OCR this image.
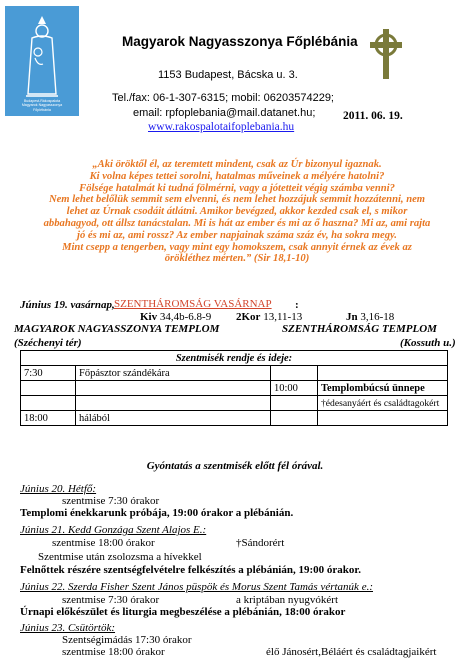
Budapest-Rákospalota
Magyarok Nagyasszonya
Főplébánia
Magyarok Nagyasszonya Főplébánia
1153 Budapest, Bácska u. 3.
Tel./fax: 06-1-307-6315; mobil: 06203574229;
email: rpfoplebania@mail.datanet.hu;
www.rakospalotaifoplebania.hu
2011. 06. 19.
„Aki öröktől él, az teremtett mindent, csak az Úr bizonyul igaznak.
Ki volna képes tettei sorolni, hatalmas műveinek a mélyére hatolni?
Fölsége hatalmát ki tudná fölmérni, vagy a jótetteit végig számba venni?
Nem lehet belőlük semmit sem elvenni, és nem lehet hozzájuk semmit hozzátenni, nem
lehet az Úrnak csodáit átlátni. Amikor bevégzed, akkor kezded csak el, s mikor
abbahagyod, ott állsz tanácstalan. Mi is hát az ember és mi az ő haszna? Mi az, ami rajta
jó és mi az, ami rossz? Az ember napjainak száma száz év, ha sokra megy.
Mint csepp a tengerben, vagy mint egy homokszem, csak annyit érnek az évek az
örökléthez mérten.” (Sir 18,1-10)
Június 19. vasárnap, SZENTHÁROMSÁG VASÁRNAP :
Kiv 34,4b-6.8-9 2Kor 13,11-13	Jn 3,16-18
MAGYAROK NAGYASSZONYA TEMPLOM	SZENTHÁROMSÁG TEMPLOM
(Széchenyi tér)	(Kossuth u.)
Szentmisék rendje és ideje:			
7:30	Főpásztor szándékára		
		10:00	Templombúcsú ünnepe
			†édesanyáért és családtagokért
18:00	hálából		
Gyóntatás a szentmisék előtt fél órával.
Június 20. Hétfő:
szentmise 7:30 órakor
Templomi énekkarunk próbája, 19:00 órakor a plébánián.
Június 21. Kedd Gonzága Szent Alajos E.:
szentmise 18:00 órakor	†Sándorért
Szentmise után zsolozsma a hívekkel
Felnőttek részére szentségfelvételre felkészítés a plébánián, 19:00 órakor.
Június 22. Szerda Fisher Szent János püspök és Morus Szent Tamás vértanúk e.:
szentmise 7:30 órakor	a kriptában nyugvókért
Úrnapi előkészület és liturgia megbeszélése a plébánián, 18:00 órakor
Június 23. Csütörtök:
Szentségimádás 17:30 órakor
szentmise 18:00 órakor	élő Jánosért,Béláért és családtagjaikért
